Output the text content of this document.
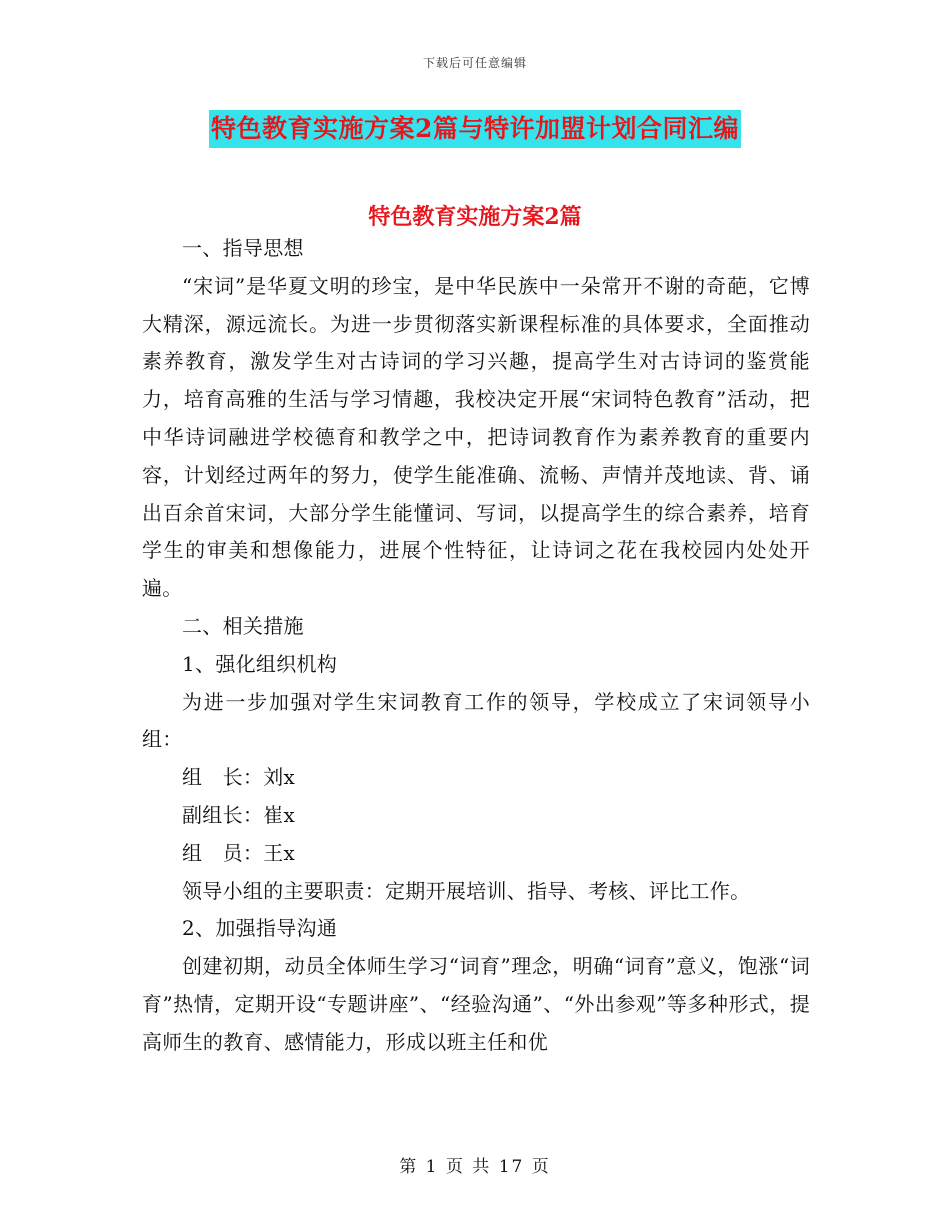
下载后可任意编辑
特色教育实施方案2篇与特许加盟计划合同汇编
特色教育实施方案2篇

一、指导思想

“宋词”是华夏文明的珍宝，是中华民族中一朵常开不谢的奇葩，它博大精深，源远流长。为进一步贯彻落实新课程标准的具体要求，全面推动素养教育，激发学生对古诗词的学习兴趣，提高学生对古诗词的鉴赏能力，培育高雅的生活与学习情趣，我校决定开展“宋词特色教育”活动，把中华诗词融进学校德育和教学之中，把诗词教育作为素养教育的重要内容，计划经过两年的努力，使学生能准确、流畅、声情并茂地读、背、诵出百余首宋词，大部分学生能懂词、写词，以提高学生的综合素养，培育学生的审美和想像能力，进展个性特征，让诗词之花在我校园内处处开遍。

二、相关措施

1、强化组织机构

为进一步加强对学生宋词教育工作的领导，学校成立了宋词领导小组：

组　长：刘x

副组长：崔x

组　员：王x

领导小组的主要职责：定期开展培训、指导、考核、评比工作。

2、加强指导沟通

创建初期，动员全体师生学习“词育”理念，明确“词育”意义，饱涨“词育”热情，定期开设“专题讲座”、“经验沟通”、“外出参观”等多种形式，提高师生的教育、感情能力，形成以班主任和优

第 1 页 共 17 页
